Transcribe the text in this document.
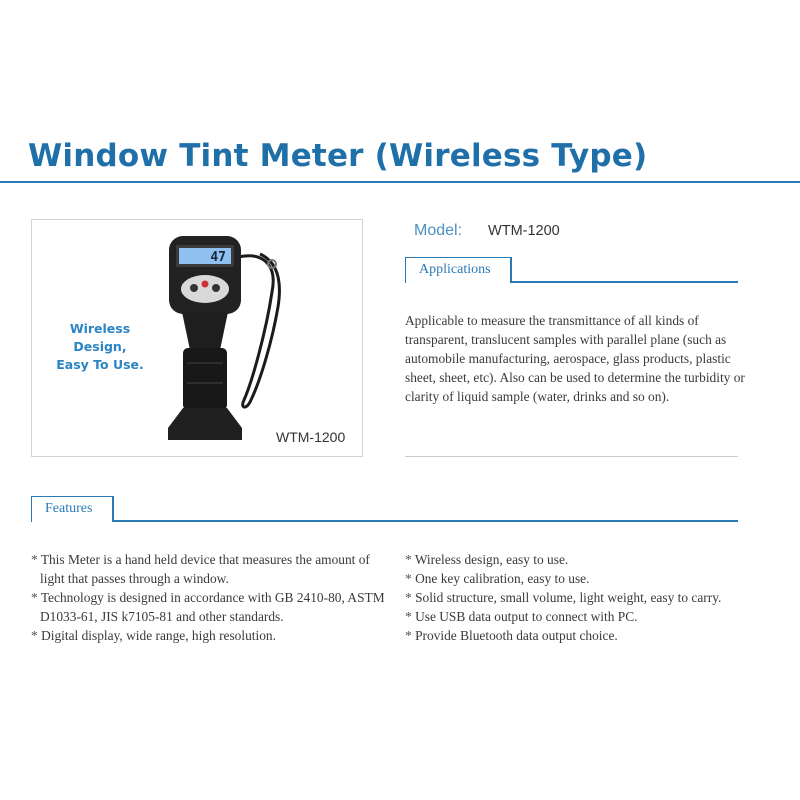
Window Tint Meter (Wireless Type)
Wireless Design,
Easy To Use.
47
WTM-1200
Model: WTM-1200
Applications

Applicable to measure the transmittance of all kinds of transparent, translucent samples with parallel plane (such as automobile manufacturing, aerospace, glass products, plastic sheet, sheet, etc). Also can be used to determine the turbidity or clarity of liquid sample (water, drinks and so on).

Features
* This Meter is a hand held device that measures the amount of light that passes through a window.
* Technology is designed in accordance with GB 2410-80, ASTM D1033-61, JIS k7105-81 and other standards.
* Digital display, wide range, high resolution.
* Wireless design, easy to use.
* One key calibration, easy to use.
* Solid structure, small volume, light weight, easy to carry.
* Use USB data output to connect with PC.
* Provide Bluetooth data output choice.
